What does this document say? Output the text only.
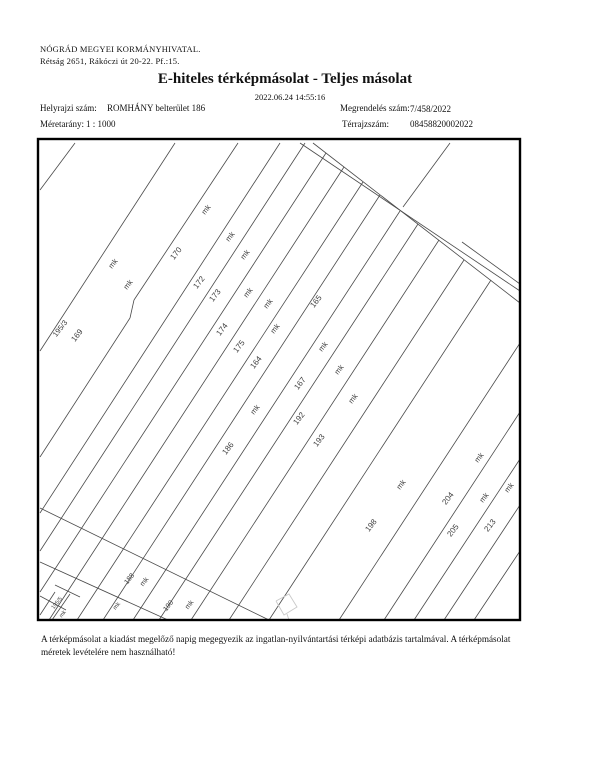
NÓGRÁD MEGYEI KORMÁNYHIVATAL.
Rétság 2651, Rákóczi út 20-22. Pf.:15.
E-hiteles térképmásolat - Teljes másolat
2022.06.24 14:55:16
Helyrajzi szám: ROMHÁNY belterület 186	Megrendelés szám: 7/458/2022
Méretarány: 1 : 1000	Térrajzszám: 08458820002022
195/3 169
170
172
173
174
175
164
165
167
186
192
193
198
204
205	213
188
190
195/5
mk
mk
mk
mk
mk
mk
mk
mk
mk
mk
mk
mk
mk
mk
mk
mk
mk
mk
mk
mk
A térképmásolat a kiadást megelőző napig megegyezik az ingatlan-nyilvántartási térképi adatbázis tartalmával. A térképmásolat méretek levételére nem használható!
